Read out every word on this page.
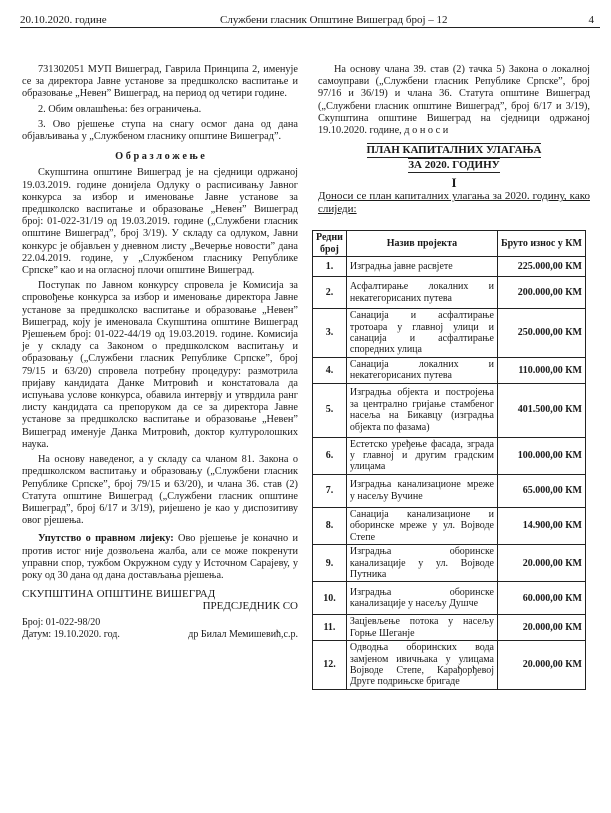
20.10.2020. године	Службени гласник Општине Вишеград број – 12	4

731302051 МУП Вишеград, Гаврила Принципа 2, именује се за директора Јавне установе за предшколско васпитање и образовање „Невен” Вишеград, на период од четири године.

2. Обим овлашћења: без ограничења.

3. Ово рјешење ступа на снагу осмог дана од дана објављивања у „Службеном гласнику општине Вишеград”.

О б р а з л о ж е њ е

Скупштина општине Вишеград је на сједници одржаној 19.03.2019. године донијела Одлуку о расписивању Јавног конкурса за избор и именовање Јавне установе за предшколско васпитање и образовање „Невен” Вишеград број: 01-022-31/19 од 19.03.2019. године („Службени гласник општине Вишеград”, број 3/19). У складу са одлуком, Јавни конкурс је објављен у дневном листу „Вечерње новости” дана 22.04.2019. године, у „Службеном гласнику Републике Српске” као и на огласној плочи општине Вишеград.

Поступак по Јавном конкурсу спровела је Комисија за спровођење конкурса за избор и именовање директора Јавне установе за предшколско васпитање и образовање „Невен” Вишеград, коју је именовала Скупштина општине Вишеград Рјешењем број: 01-022-44/19 од 19.03.2019. године. Комисија је у складу са Законом о предшколском васпитању и образовању („Службени гласник Републике Српске”, број 79/15 и 63/20) спровела потребну процедуру: размотрила пријаву кандидата Данке Митровић и констатовала да испуњава услове конкурса, обавила интервју и утврдила ранг листу кандидата са препоруком да се за директора Јавне установе за предшколско васпитање и образовање „Невен” Вишеград именује Данка Митровић, доктор културолошких наука.

На основу наведеног, а у складу са чланом 81. Закона о предшколском васпитању и образовању („Службени гласник Републике Српске”, број 79/15 и 63/20), и члана 36. став (2) Статута општине Вишеград („Службени гласник општине Вишеград”, број 6/17 и 3/19), ријешено је као у диспозитиву овог рјешења.

Упутство о правном лијеку: Ово рјешење је коначно и против истог није дозвољена жалба, али се може покренути управни спор, тужбом Окружном суду у Источном Сарајеву, у року од 30 дана од дана достављања рјешења.

СКУПШТИНА ОПШТИНЕ ВИШЕГРАД
ПРЕДСЈЕДНИК СО
Број: 01-022-98/20
Датум: 19.10.2020. год.	др Билал Мемишевић,с.р.

На основу члана 39. став (2) тачка 5) Закона о локалној самоуправи („Службени гласник Републике Српске”, број 97/16 и 36/19) и члана 36. Статута општине Вишеград („Службени гласник општине Вишеград”, број 6/17 и 3/19), Скупштина општине Вишеград на сједници одржаној 19.10.2020. године, д о н о с и

ПЛАН КАПИТАЛНИХ УЛАГАЊА
ЗА 2020. ГОДИНУ
I

Доноси се план капиталних улагања за 2020. годину, како слиједи:

Редни број	Назив пројекта	Бруто износ у КМ
1.	Изградња јавне расвјете	225.000,00 КМ
2.	Асфалтирање локалних и некатегорисаних путева	200.000,00 КМ
3.	Санација и асфалтирање тротоара у главној улици и санација и асфалтирање споредних улица	250.000,00 КМ
4.	Санација локалних и некатегорисаних путева	110.000,00 КМ
5.	Изградња објекта и постројења за централно гријање стамбеног насеља на Бикавцу (изградња објекта по фазама)	401.500,00 КМ
6.	Естетско уређење фасада, зграда у главној и другим градским улицама	100.000,00 КМ
7.	Изградња канализационе мреже у насељу Вучине	65.000,00 КМ
8.	Санација канализационе и оборинске мреже у ул. Војводе Степе	14.900,00 КМ
9.	Изградња оборинске канализације у ул. Војводе Путника	20.000,00 КМ
10.	Изградња оборинске канализације у насељу Душче	60.000,00 КМ
11.	Зацјевљење потока у насељу Горње Шеганје	20.000,00 КМ
12.	Одводња оборинских вода замјеном ивичњака у улицама Војводе Степе, Карађорђевој Друге подрињске бригаде	20.000,00 КМ
